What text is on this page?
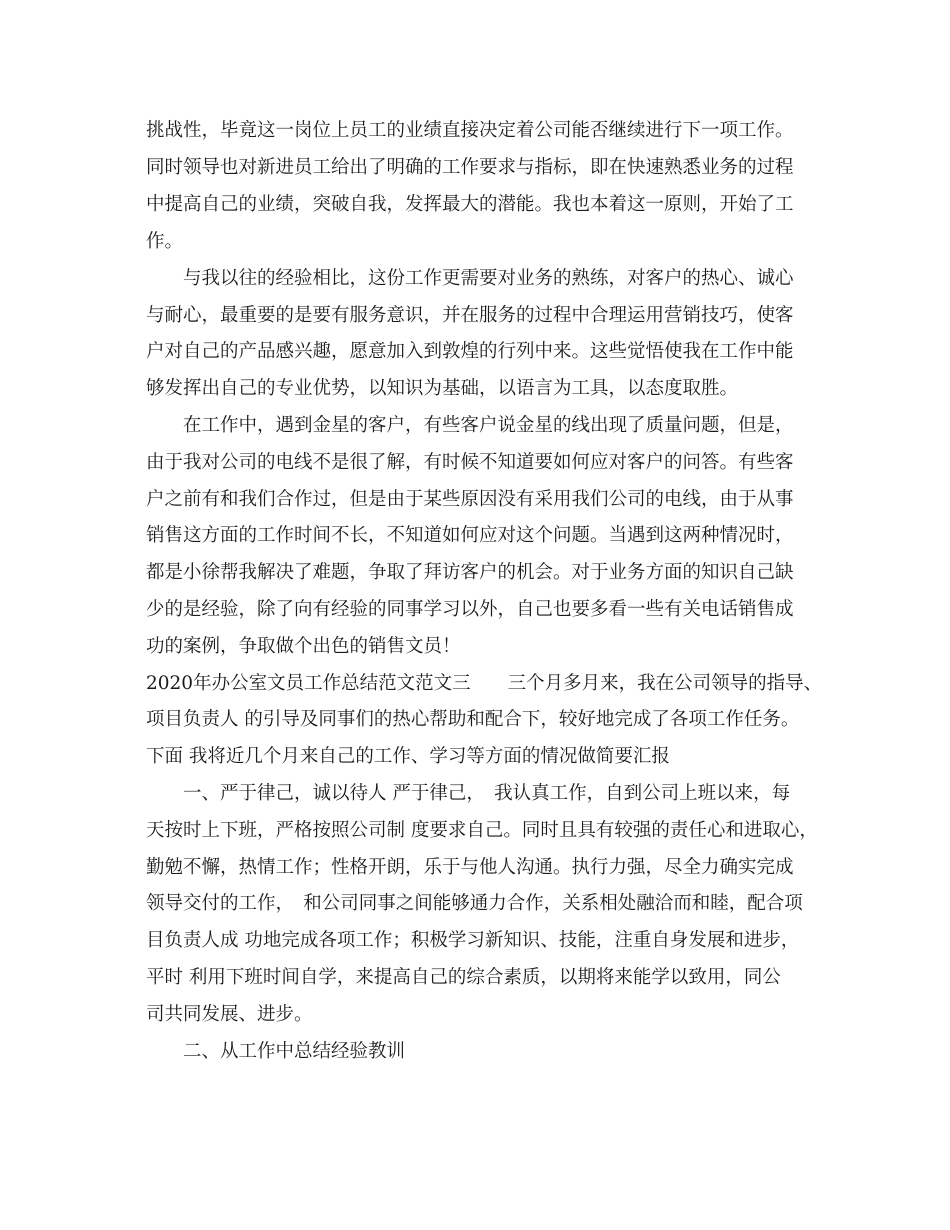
挑战性，毕竟这一岗位上员工的业绩直接决定着公司能否继续进行下一项工作。
同时领导也对新进员工给出了明确的工作要求与指标，即在快速熟悉业务的过程
中提高自己的业绩，突破自我，发挥最大的潜能。我也本着这一原则，开始了工
作。
与我以往的经验相比，这份工作更需要对业务的熟练，对客户的热心、诚心
与耐心，最重要的是要有服务意识，并在服务的过程中合理运用营销技巧，使客
户对自己的产品感兴趣，愿意加入到敦煌的行列中来。这些觉悟使我在工作中能
够发挥出自己的专业优势，以知识为基础，以语言为工具，以态度取胜。
在工作中，遇到金星的客户，有些客户说金星的线出现了质量问题，但是，
由于我对公司的电线不是很了解，有时候不知道要如何应对客户的问答。有些客
户之前有和我们合作过，但是由于某些原因没有采用我们公司的电线，由于从事
销售这方面的工作时间不长，不知道如何应对这个问题。当遇到这两种情况时，
都是小徐帮我解决了难题，争取了拜访客户的机会。对于业务方面的知识自己缺
少的是经验，除了向有经验的同事学习以外，自己也要多看一些有关电话销售成
功的案例，争取做个出色的销售文员！
2020年办公室文员工作总结范文范文三　　三个月多月来，我在公司领导的指导、
项目负责人 的引导及同事们的热心帮助和配合下，较好地完成了各项工作任务。
下面 我将近几个月来自己的工作、学习等方面的情况做简要汇报
一、严于律己，诚以待人 严于律己，　我认真工作，自到公司上班以来，每
天按时上下班，严格按照公司制 度要求自己。同时且具有较强的责任心和进取心，
勤勉不懈，热情工作；性格开朗，乐于与他人沟通。执行力强，尽全力确实完成
领导交付的工作，　和公司同事之间能够通力合作，关系相处融洽而和睦，配合项
目负责人成 功地完成各项工作；积极学习新知识、技能，注重自身发展和进步，
平时 利用下班时间自学，来提高自己的综合素质，以期将来能学以致用，同公
司共同发展、进步。
二、从工作中总结经验教训
